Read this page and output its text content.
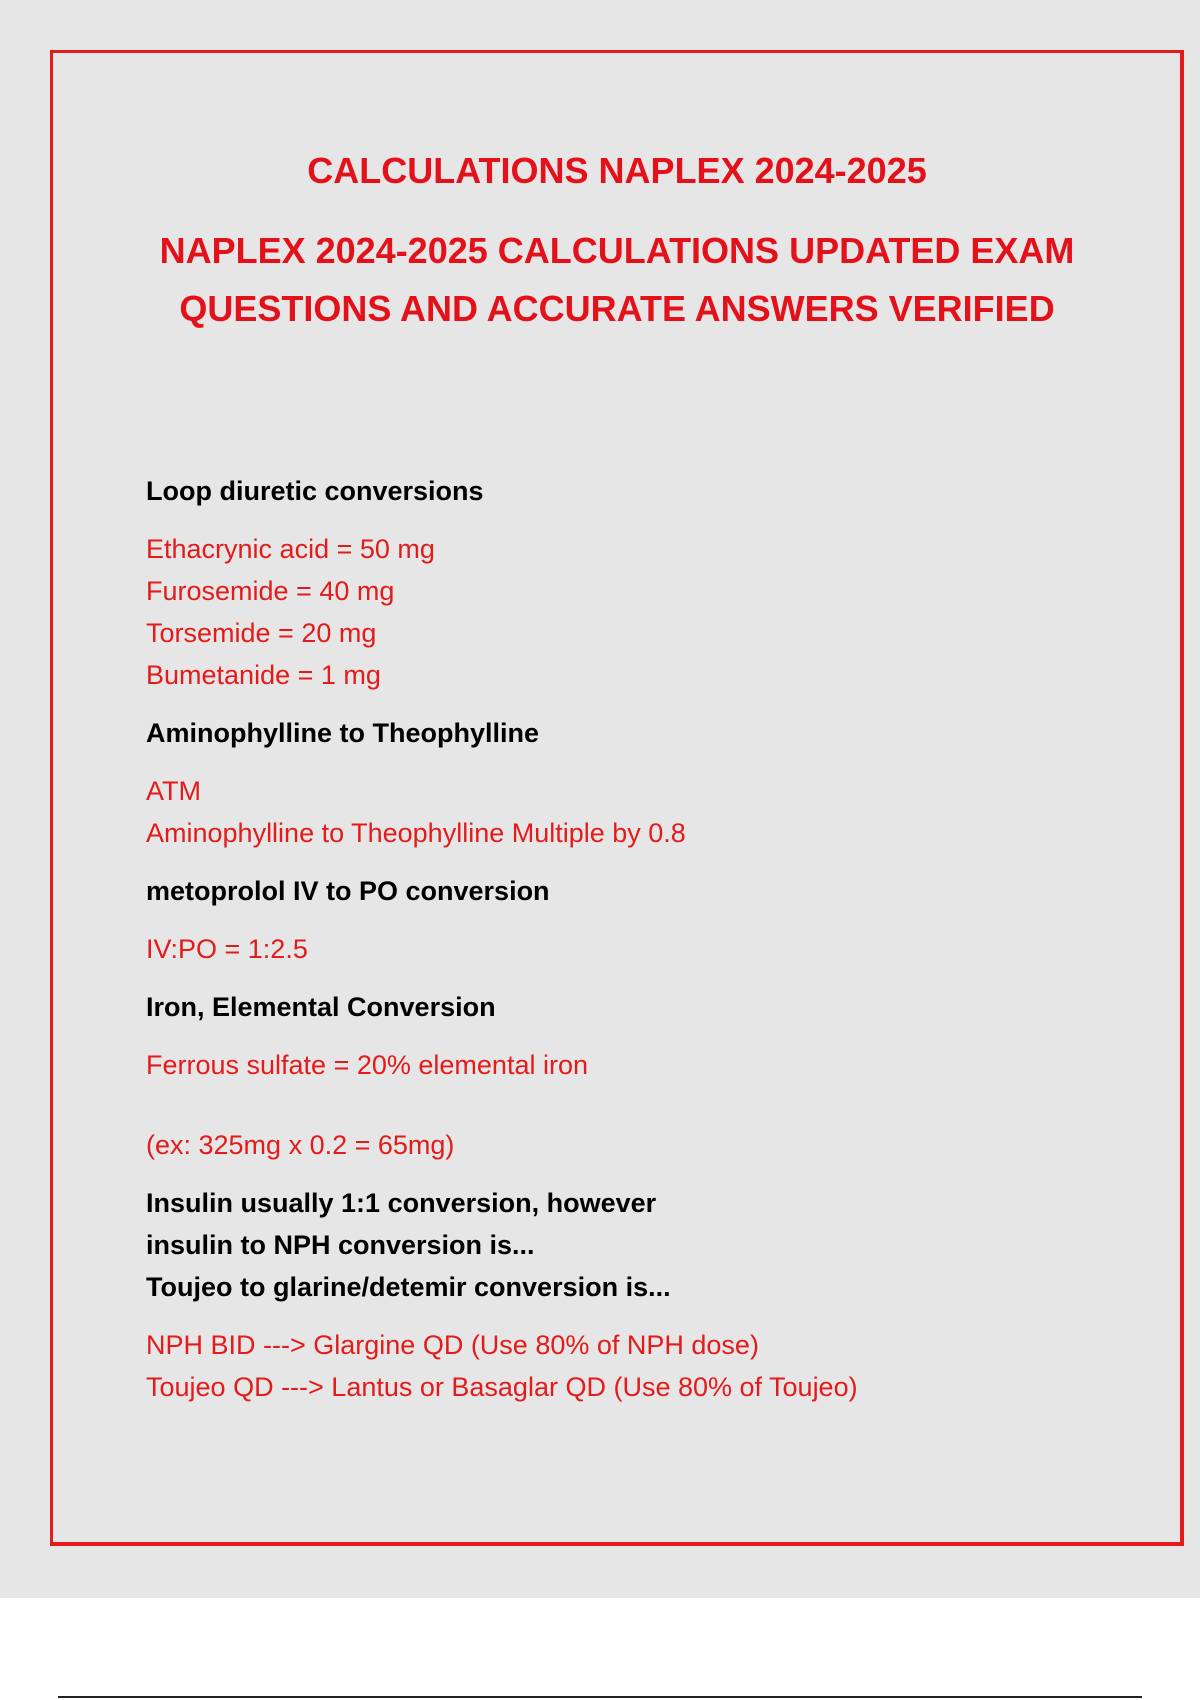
CALCULATIONS NAPLEX 2024-2025
NAPLEX 2024-2025 CALCULATIONS UPDATED EXAM QUESTIONS AND ACCURATE ANSWERS VERIFIED

Loop diuretic conversions

Ethacrynic acid = 50 mg

Furosemide = 40 mg

Torsemide = 20 mg

Bumetanide = 1 mg

Aminophylline to Theophylline

ATM

Aminophylline to Theophylline Multiple by 0.8

metoprolol IV to PO conversion

IV:PO = 1:2.5

Iron, Elemental Conversion

Ferrous sulfate = 20% elemental iron

(ex: 325mg x 0.2 = 65mg)

Insulin usually 1:1 conversion, however

insulin to NPH conversion is...

Toujeo to glarine/detemir conversion is...

NPH BID ---> Glargine QD (Use 80% of NPH dose)

Toujeo QD ---> Lantus or Basaglar QD (Use 80% of Toujeo)
